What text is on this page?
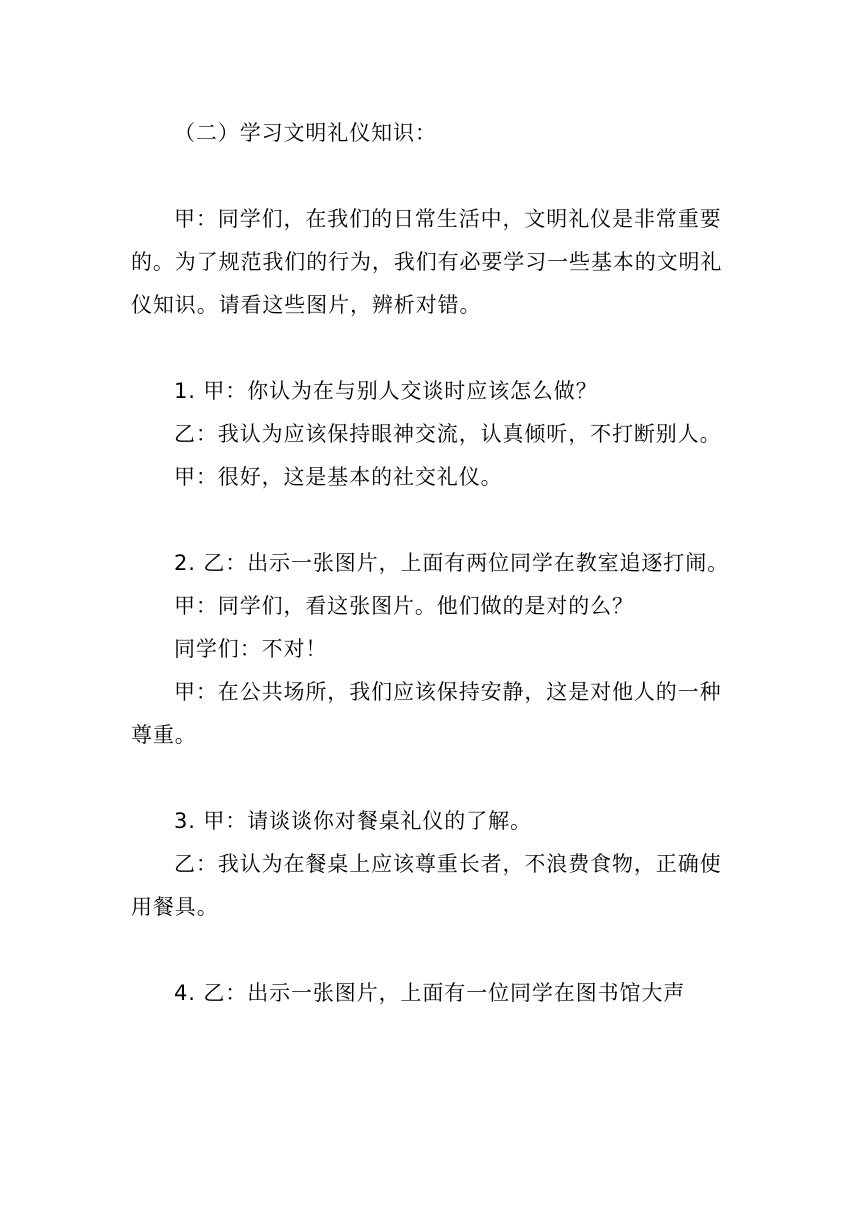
（二）学习文明礼仪知识：

甲：同学们，在我们的日常生活中，文明礼仪是非常重要的。为了规范我们的行为，我们有必要学习一些基本的文明礼仪知识。请看这些图片，辨析对错。

1. 甲：你认为在与别人交谈时应该怎么做？

乙：我认为应该保持眼神交流，认真倾听，不打断别人。

甲：很好，这是基本的社交礼仪。

2. 乙：出示一张图片，上面有两位同学在教室追逐打闹。

甲：同学们，看这张图片。他们做的是对的么？

同学们：不对！

甲：在公共场所，我们应该保持安静，这是对他人的一种尊重。

3. 甲：请谈谈你对餐桌礼仪的了解。

乙：我认为在餐桌上应该尊重长者，不浪费食物，正确使用餐具。

4. 乙：出示一张图片，上面有一位同学在图书馆大声
